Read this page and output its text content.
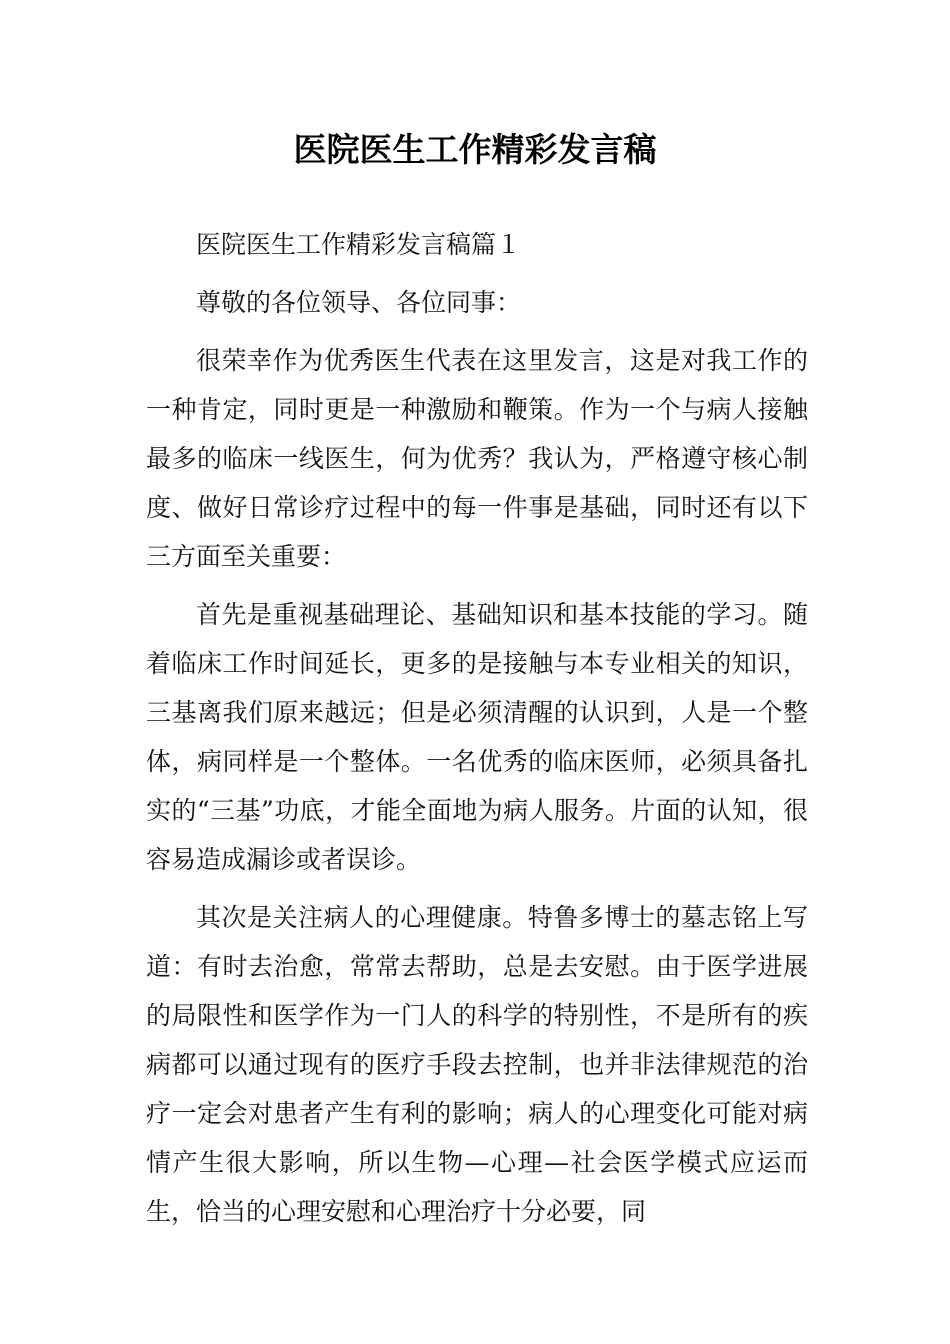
医院医生工作精彩发言稿

医院医生工作精彩发言稿篇１

尊敬的各位领导、各位同事：

很荣幸作为优秀医生代表在这里发言，这是对我工作的一种肯定，同时更是一种激励和鞭策。作为一个与病人接触最多的临床一线医生，何为优秀？我认为，严格遵守核心制度、做好日常诊疗过程中的每一件事是基础，同时还有以下三方面至关重要：

首先是重视基础理论、基础知识和基本技能的学习。随着临床工作时间延长，更多的是接触与本专业相关的知识，三基离我们原来越远；但是必须清醒的认识到，人是一个整体，病同样是一个整体。一名优秀的临床医师，必须具备扎实的“三基”功底，才能全面地为病人服务。片面的认知，很容易造成漏诊或者误诊。

其次是关注病人的心理健康。特鲁多博士的墓志铭上写道：有时去治愈，常常去帮助，总是去安慰。由于医学进展的局限性和医学作为一门人的科学的特别性，不是所有的疾病都可以通过现有的医疗手段去控制，也并非法律规范的治疗一定会对患者产生有利的影响；病人的心理变化可能对病情产生很大影响，所以生物—心理—社会医学模式应运而生，恰当的心理安慰和心理治疗十分必要，同
